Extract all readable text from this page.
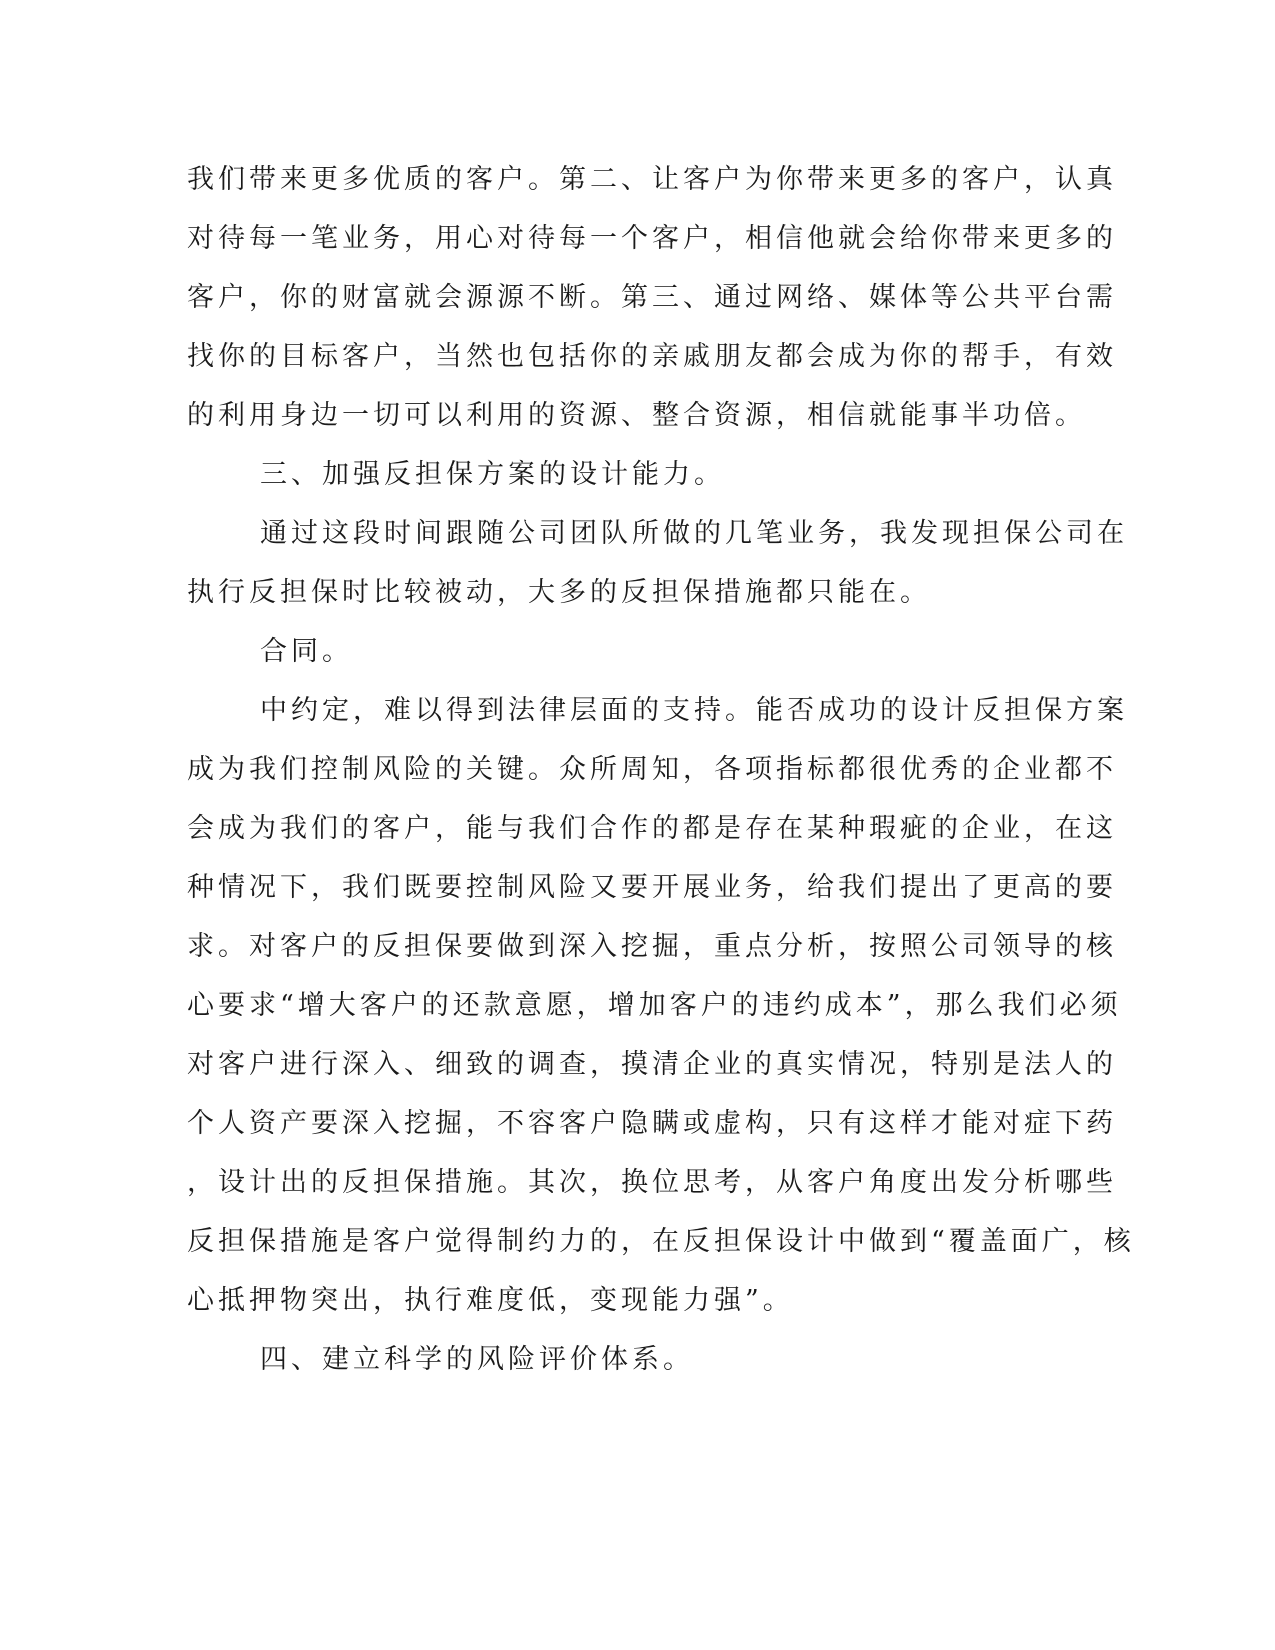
我们带来更多优质的客户。第二、让客户为你带来更多的客户，认真
对待每一笔业务，用心对待每一个客户，相信他就会给你带来更多的
客户，你的财富就会源源不断。第三、通过网络、媒体等公共平台需
找你的目标客户，当然也包括你的亲戚朋友都会成为你的帮手，有效
的利用身边一切可以利用的资源、整合资源，相信就能事半功倍。
三、加强反担保方案的设计能力。
通过这段时间跟随公司团队所做的几笔业务，我发现担保公司在
执行反担保时比较被动，大多的反担保措施都只能在。
合同。
中约定，难以得到法律层面的支持。能否成功的设计反担保方案
成为我们控制风险的关键。众所周知，各项指标都很优秀的企业都不
会成为我们的客户，能与我们合作的都是存在某种瑕疵的企业，在这
种情况下，我们既要控制风险又要开展业务，给我们提出了更高的要
求。对客户的反担保要做到深入挖掘，重点分析，按照公司领导的核
心要求“增大客户的还款意愿，增加客户的违约成本”，那么我们必须
对客户进行深入、细致的调查，摸清企业的真实情况，特别是法人的
个人资产要深入挖掘，不容客户隐瞒或虚构，只有这样才能对症下药
，设计出的反担保措施。其次，换位思考，从客户角度出发分析哪些
反担保措施是客户觉得制约力的，在反担保设计中做到“覆盖面广，核
心抵押物突出，执行难度低，变现能力强”。
四、建立科学的风险评价体系。
